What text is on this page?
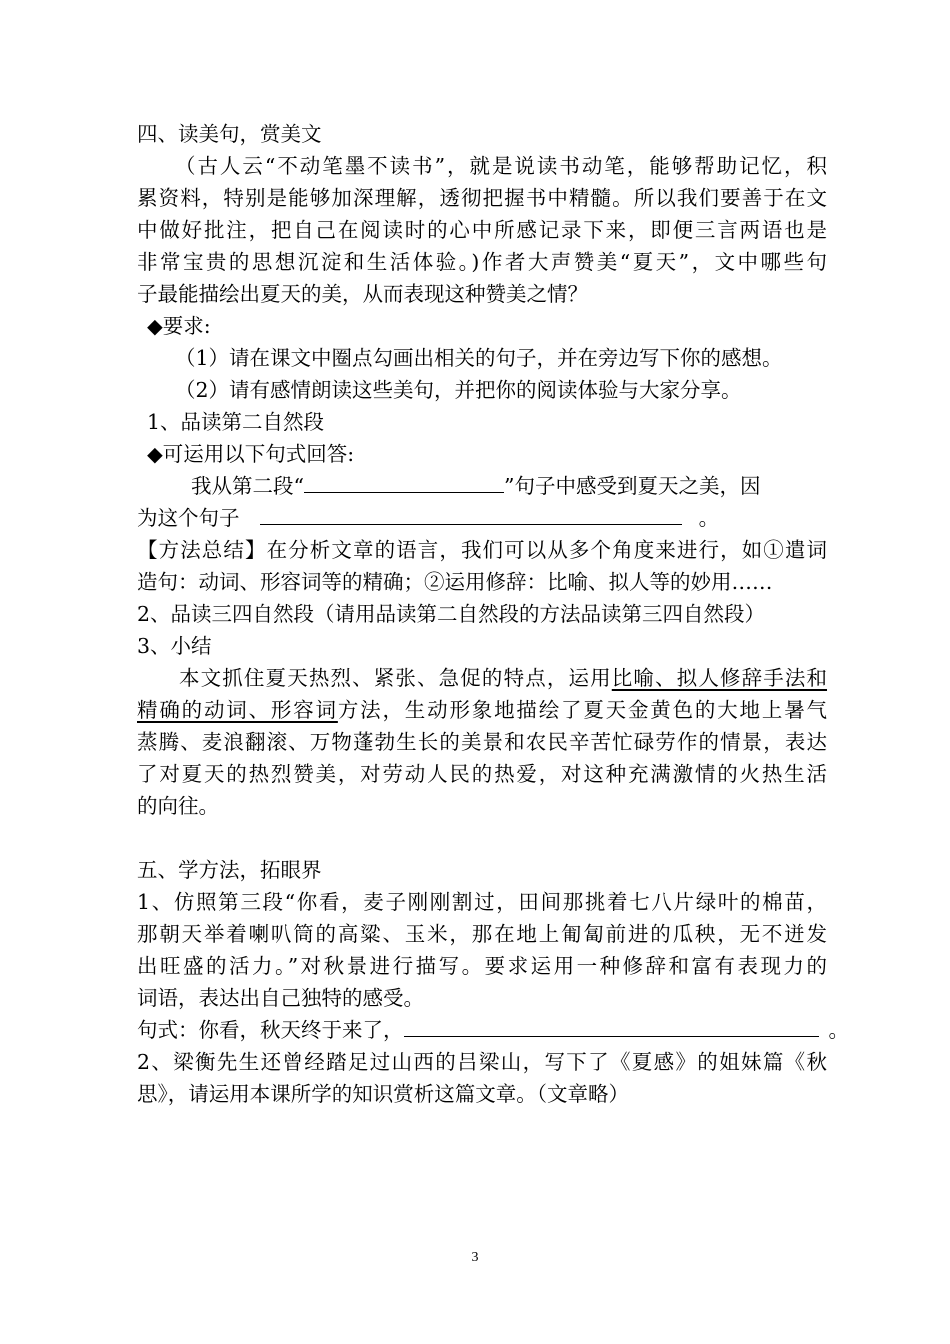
四、读美句，赏美文
（古人云“不动笔墨不读书”，就是说读书动笔，能够帮助记忆，积
累资料，特别是能够加深理解，透彻把握书中精髓。所以我们要善于在文
中做好批注，把自己在阅读时的心中所感记录下来，即便三言两语也是
非常宝贵的思想沉淀和生活体验。)作者大声赞美“夏天”，文中哪些句
子最能描绘出夏天的美，从而表现这种赞美之情？
◆要求:
（1）请在课文中圈点勾画出相关的句子，并在旁边写下你的感想。
（2）请有感情朗读这些美句，并把你的阅读体验与大家分享。
1、品读第二自然段
◆可运用以下句式回答:
我从第二段“	”句子中感受到夏天之美，因
为这个句子	。
【方法总结】在分析文章的语言，我们可以从多个角度来进行，如①遣词
造句：动词、形容词等的精确；②运用修辞：比喻、拟人等的妙用……
2、品读三四自然段（请用品读第二自然段的方法品读第三四自然段）
3、小结
本文抓住夏天热烈、紧张、急促的特点，运用比喻、拟人修辞手法和
精确的动词、形容词方法，生动形象地描绘了夏天金黄色的大地上暑气
蒸腾、麦浪翻滚、万物蓬勃生长的美景和农民辛苦忙碌劳作的情景，表达
了对夏天的热烈赞美，对劳动人民的热爱，对这种充满激情的火热生活
的向往。
五、学方法，拓眼界
1、仿照第三段“你看，麦子刚刚割过，田间那挑着七八片绿叶的棉苗，
那朝天举着喇叭筒的高粱、玉米，那在地上匍匐前进的瓜秧，无不迸发
出旺盛的活力。”对秋景进行描写。要求运用一种修辞和富有表现力的
词语，表达出自己独特的感受。
句式：你看，秋天终于来了，	。
2、梁衡先生还曾经踏足过山西的吕梁山，写下了《夏感》的姐妹篇《秋
思》，请运用本课所学的知识赏析这篇文章。（文章略）
3
